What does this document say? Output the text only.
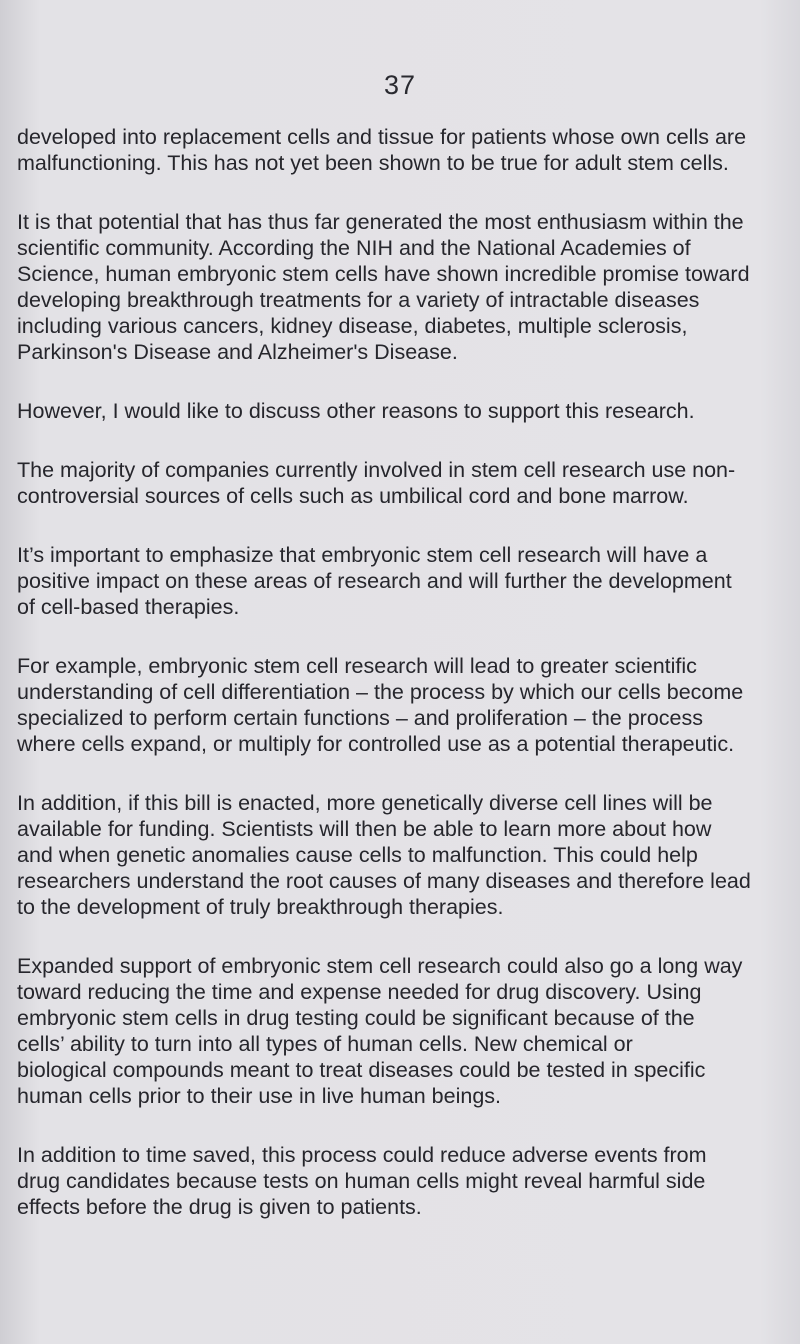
37

developed into replacement cells and tissue for patients whose own cells are
malfunctioning. This has not yet been shown to be true for adult stem cells.

It is that potential that has thus far generated the most enthusiasm within the
scientific community. According the NIH and the National Academies of
Science, human embryonic stem cells have shown incredible promise toward
developing breakthrough treatments for a variety of intractable diseases
including various cancers, kidney disease, diabetes, multiple sclerosis,
Parkinson's Disease and Alzheimer's Disease.

However, I would like to discuss other reasons to support this research.

The majority of companies currently involved in stem cell research use non-
controversial sources of cells such as umbilical cord and bone marrow.

It’s important to emphasize that embryonic stem cell research will have a
positive impact on these areas of research and will further the development
of cell-based therapies.

For example, embryonic stem cell research will lead to greater scientific
understanding of cell differentiation – the process by which our cells become
specialized to perform certain functions – and proliferation – the process
where cells expand, or multiply for controlled use as a potential therapeutic.

In addition, if this bill is enacted, more genetically diverse cell lines will be
available for funding. Scientists will then be able to learn more about how
and when genetic anomalies cause cells to malfunction. This could help
researchers understand the root causes of many diseases and therefore lead
to the development of truly breakthrough therapies.

Expanded support of embryonic stem cell research could also go a long way
toward reducing the time and expense needed for drug discovery. Using
embryonic stem cells in drug testing could be significant because of the
cells’ ability to turn into all types of human cells. New chemical or
biological compounds meant to treat diseases could be tested in specific
human cells prior to their use in live human beings.

In addition to time saved, this process could reduce adverse events from
drug candidates because tests on human cells might reveal harmful side
effects before the drug is given to patients.
